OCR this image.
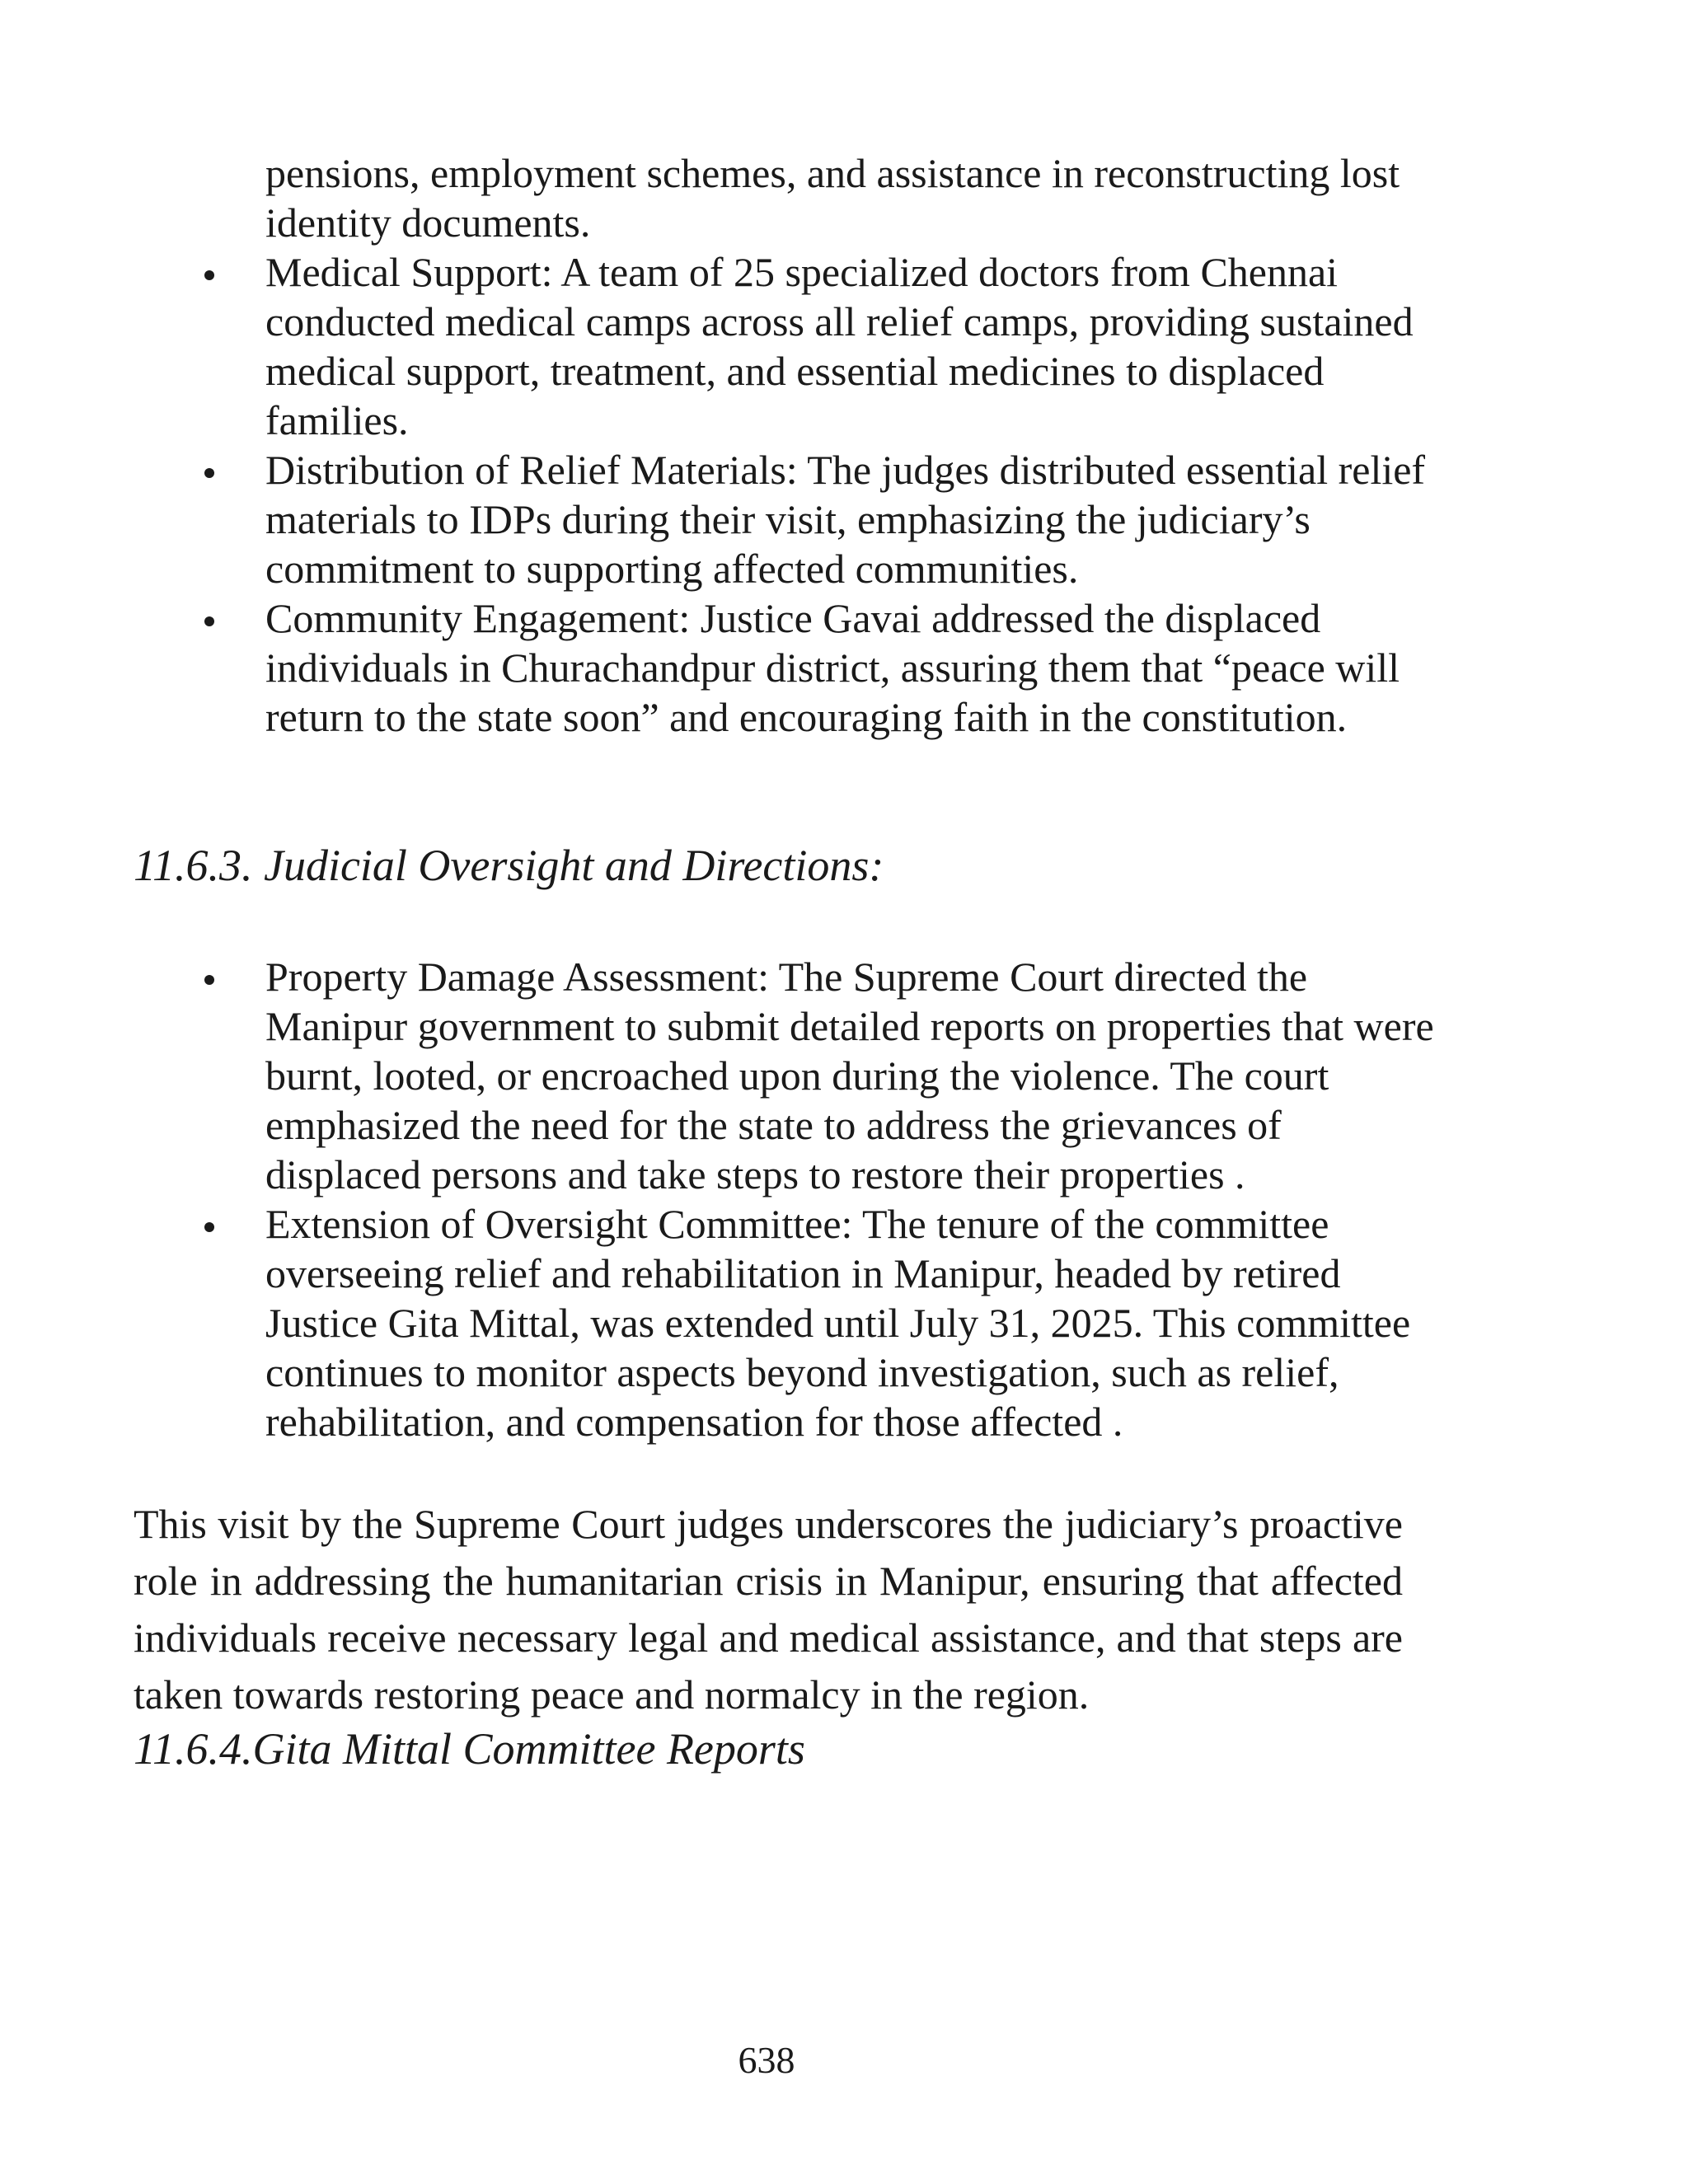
pensions, employment schemes, and assistance in reconstructing lost identity documents.
Medical Support: A team of 25 specialized doctors from Chennai conducted medical camps across all relief camps, providing sustained medical support, treatment, and essential medicines to displaced families.
Distribution of Relief Materials: The judges distributed essential relief materials to IDPs during their visit, emphasizing the judiciary’s commitment to supporting affected communities.
Community Engagement: Justice Gavai addressed the displaced individuals in Churachandpur district, assuring them that “peace will return to the state soon” and encouraging faith in the constitution.
11.6.3. Judicial Oversight and Directions:
Property Damage Assessment: The Supreme Court directed the Manipur government to submit detailed reports on properties that were burnt, looted, or encroached upon during the violence. The court emphasized the need for the state to address the grievances of displaced persons and take steps to restore their properties .
Extension of Oversight Committee: The tenure of the committee overseeing relief and rehabilitation in Manipur, headed by retired Justice Gita Mittal, was extended until July 31, 2025. This committee continues to monitor aspects beyond investigation, such as relief, rehabilitation, and compensation for those affected .

This visit by the Supreme Court judges underscores the judiciary’s proactive role in addressing the humanitarian crisis in Manipur, ensuring that affected individuals receive necessary legal and medical assistance, and that steps are taken towards restoring peace and normalcy in the region.

11.6.4.Gita Mittal Committee Reports
638
